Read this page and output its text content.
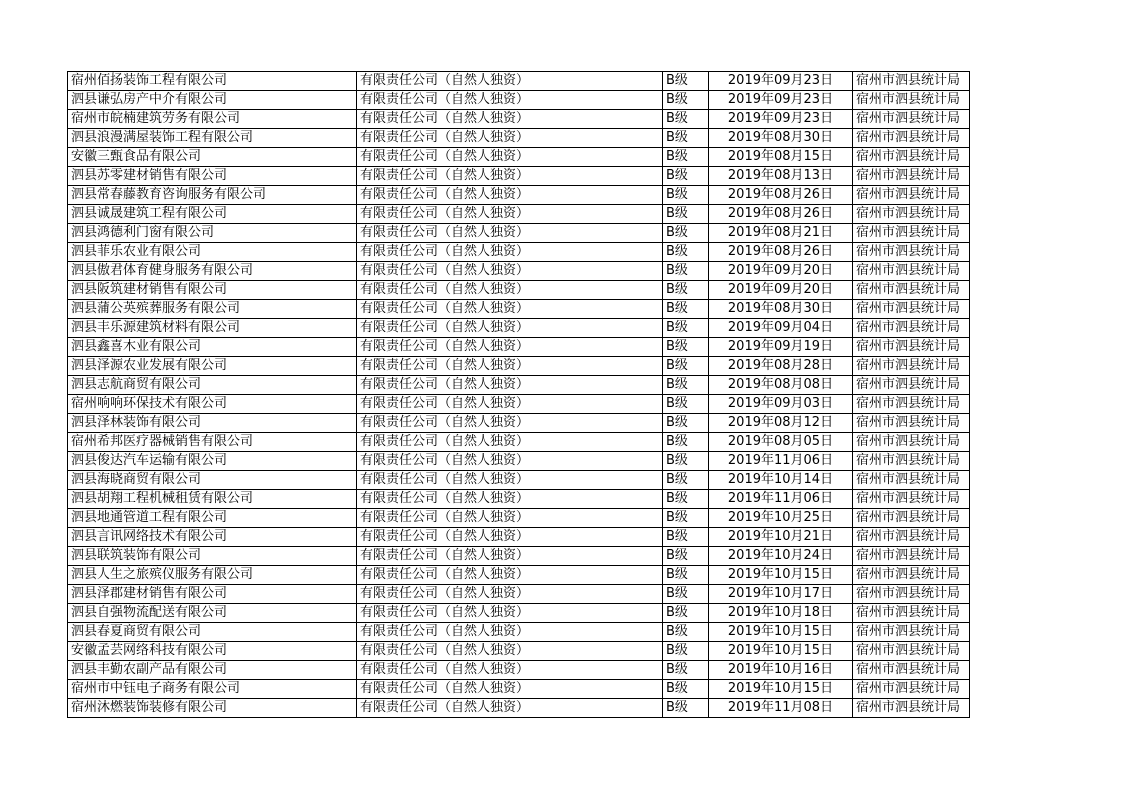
宿州佰扬装饰工程有限公司	有限责任公司（自然人独资）	B级	2019年09月23日	宿州市泗县统计局
泗县谦弘房产中介有限公司	有限责任公司（自然人独资）	B级	2019年09月23日	宿州市泗县统计局
宿州市皖楠建筑劳务有限公司	有限责任公司（自然人独资）	B级	2019年09月23日	宿州市泗县统计局
泗县浪漫满屋装饰工程有限公司	有限责任公司（自然人独资）	B级	2019年08月30日	宿州市泗县统计局
安徽三甄食品有限公司	有限责任公司（自然人独资）	B级	2019年08月15日	宿州市泗县统计局
泗县苏零建材销售有限公司	有限责任公司（自然人独资）	B级	2019年08月13日	宿州市泗县统计局
泗县常春藤教育咨询服务有限公司	有限责任公司（自然人独资）	B级	2019年08月26日	宿州市泗县统计局
泗县诚晟建筑工程有限公司	有限责任公司（自然人独资）	B级	2019年08月26日	宿州市泗县统计局
泗县鸿德利门窗有限公司	有限责任公司（自然人独资）	B级	2019年08月21日	宿州市泗县统计局
泗县菲乐农业有限公司	有限责任公司（自然人独资）	B级	2019年08月26日	宿州市泗县统计局
泗县傲君体育健身服务有限公司	有限责任公司（自然人独资）	B级	2019年09月20日	宿州市泗县统计局
泗县阪筑建材销售有限公司	有限责任公司（自然人独资）	B级	2019年09月20日	宿州市泗县统计局
泗县蒲公英殡葬服务有限公司	有限责任公司（自然人独资）	B级	2019年08月30日	宿州市泗县统计局
泗县丰乐源建筑材料有限公司	有限责任公司（自然人独资）	B级	2019年09月04日	宿州市泗县统计局
泗县鑫喜木业有限公司	有限责任公司（自然人独资）	B级	2019年09月19日	宿州市泗县统计局
泗县泽源农业发展有限公司	有限责任公司（自然人独资）	B级	2019年08月28日	宿州市泗县统计局
泗县志航商贸有限公司	有限责任公司（自然人独资）	B级	2019年08月08日	宿州市泗县统计局
宿州响响环保技术有限公司	有限责任公司（自然人独资）	B级	2019年09月03日	宿州市泗县统计局
泗县泽林装饰有限公司	有限责任公司（自然人独资）	B级	2019年08月12日	宿州市泗县统计局
宿州希邦医疗器械销售有限公司	有限责任公司（自然人独资）	B级	2019年08月05日	宿州市泗县统计局
泗县俊达汽车运输有限公司	有限责任公司（自然人独资）	B级	2019年11月06日	宿州市泗县统计局
泗县海晓商贸有限公司	有限责任公司（自然人独资）	B级	2019年10月14日	宿州市泗县统计局
泗县胡翔工程机械租赁有限公司	有限责任公司（自然人独资）	B级	2019年11月06日	宿州市泗县统计局
泗县地通管道工程有限公司	有限责任公司（自然人独资）	B级	2019年10月25日	宿州市泗县统计局
泗县言讯网络技术有限公司	有限责任公司（自然人独资）	B级	2019年10月21日	宿州市泗县统计局
泗县联筑装饰有限公司	有限责任公司（自然人独资）	B级	2019年10月24日	宿州市泗县统计局
泗县人生之旅殡仪服务有限公司	有限责任公司（自然人独资）	B级	2019年10月15日	宿州市泗县统计局
泗县泽郡建材销售有限公司	有限责任公司（自然人独资）	B级	2019年10月17日	宿州市泗县统计局
泗县自强物流配送有限公司	有限责任公司（自然人独资）	B级	2019年10月18日	宿州市泗县统计局
泗县春夏商贸有限公司	有限责任公司（自然人独资）	B级	2019年10月15日	宿州市泗县统计局
安徽孟芸网络科技有限公司	有限责任公司（自然人独资）	B级	2019年10月15日	宿州市泗县统计局
泗县丰勤农副产品有限公司	有限责任公司（自然人独资）	B级	2019年10月16日	宿州市泗县统计局
宿州市中钰电子商务有限公司	有限责任公司（自然人独资）	B级	2019年10月15日	宿州市泗县统计局
宿州沐燃装饰装修有限公司	有限责任公司（自然人独资）	B级	2019年11月08日	宿州市泗县统计局
